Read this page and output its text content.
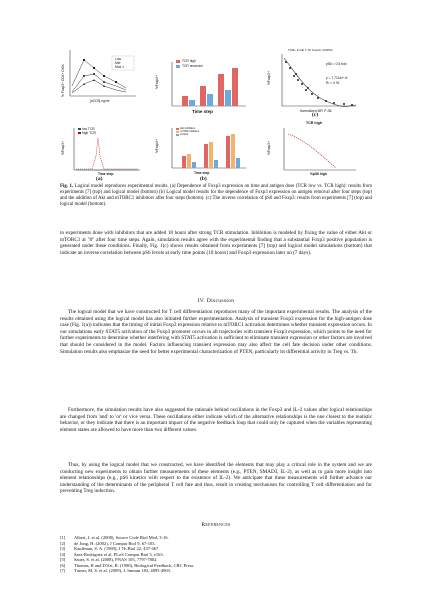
Low
Mid
Max 1
% Foxp3+ CD4+ Cells
[αCD3] ng/ml
TCR high
TCR removed
%Foxp3+
Time step
TCR+ P-Akt ± Tcr Foxp3, CD25/C
pS6 = 0.5 fold
y = 7.7114x^-6
R² = 0.91
%Foxp3+
Normalized MFI P-S6
low TCR
high TCR
%Foxp3+
Time step
Akt inhibition
mTOR inhibition
control
%Foxp3+
Time step
TCR high
%Foxp3+
%pS6 high
(a)	(b)
(c)
Fig. 1. Logical model reproduces experimental results. (a) Dependence of Foxp3 expression on time and antigen dose (TCR low vs. TCR high): results from experiments [7] (top) and logical model (bottom) (b) Logical model results for the dependence of Foxp3 expression on antigen removal after four steps (top) and the addition of Akt and mTORC1 inhibitors after four steps (bottom). (c) The inverse correlation of pS6 and Foxp3: results from experiments [7] (top) and logical model (bottom).

to experiments done with inhibitors that are added 18 hours after strong TCR stimulation. Inhibition is modeled by fixing the value of either Akt or mTORC1 at "0" after four time steps. Again, simulation results agree with the experimental finding that a substantial Foxp3 positive population is generated under these conditions. Finally, Fig. 1(c) shows results obtained from experiments [7] (top) and logical model simulations (bottom) that indicate an inverse correlation between pS6 levels at early time points (18 hours) and Foxp3 expression later on (7 days).

IV. Discussion

The logical model that we have constructed for T cell differentiation reproduces many of the important experimental results. The analysis of the results obtained using the logical model has also initiated further experimentation. Analysis of transient Foxp3 expression for the high-antigen dose case (Fig. 1(a)) indicates that the timing of initial Foxp3 expression relative to mTORC1 activation determines whether transient expression occurs. In our simulations early STAT5 activation of the Foxp3 promoter occurs in all trajectories with transient Foxp3 expression, which points to the need for further experiments to determine whether interfering with STAT5 activation is sufficient to eliminate transient expression or other factors are involved that should be considered in the model. Factors influencing transient expression may also affect the cell fate decision under other conditions. Simulation results also emphasize the need for better experimental characterization of PTEN, particularly its differential activity in Treg vs. Th.

Furthermore, the simulation results have also suggested the rationale behind oscillations in the Foxp3 and IL-2 values after logical relationships are changed from 'and' to 'or' or vice versa. These oscillations either indicate which of the alternative relationships is the one closest to the realistic behavior, or they indicate that there is an important impact of the negative feedback loop that could only be captured when the variables representing element states are allowed to have more than two different values.

Thus, by using the logical model that we constructed, we have identified the elements that may play a critical role in the system and we are conducting new experiments to obtain further measurements of these elements (e.g., PTEN, SMAD3, IL-2), as well as to gain more insight into element relationships (e.g., pS6 kinetics with respect to the existence of IL-2). We anticipate that these measurements will further advance our understanding of the determinants of the peripheral T cell fate and thus, result in creating mechanism for controlling T cell differentiation and for preventing Treg induction.

References
[1]	Albert, I. et al. (2008), Source Code Biol Med, 3-16.
[2]	de Jong, H. (2002), J Comput Biol 9, 67-103.
[3]	Kauffman, S. A. (1969), J Th Biol 22, 437-467.
[4]	Saez-Rodriguez et al. PLoS Comput Biol 3, e163.
[5]	Sauer, S. et al. (2008), PNAS 105, 7797-7802.
[6]	Thomas, R and D'Ari, R. (1990), Biological Feedback, CRC Press.
[7]	Turner, M. S. et al. (2009), J. Immun 183, 4895-4903.
